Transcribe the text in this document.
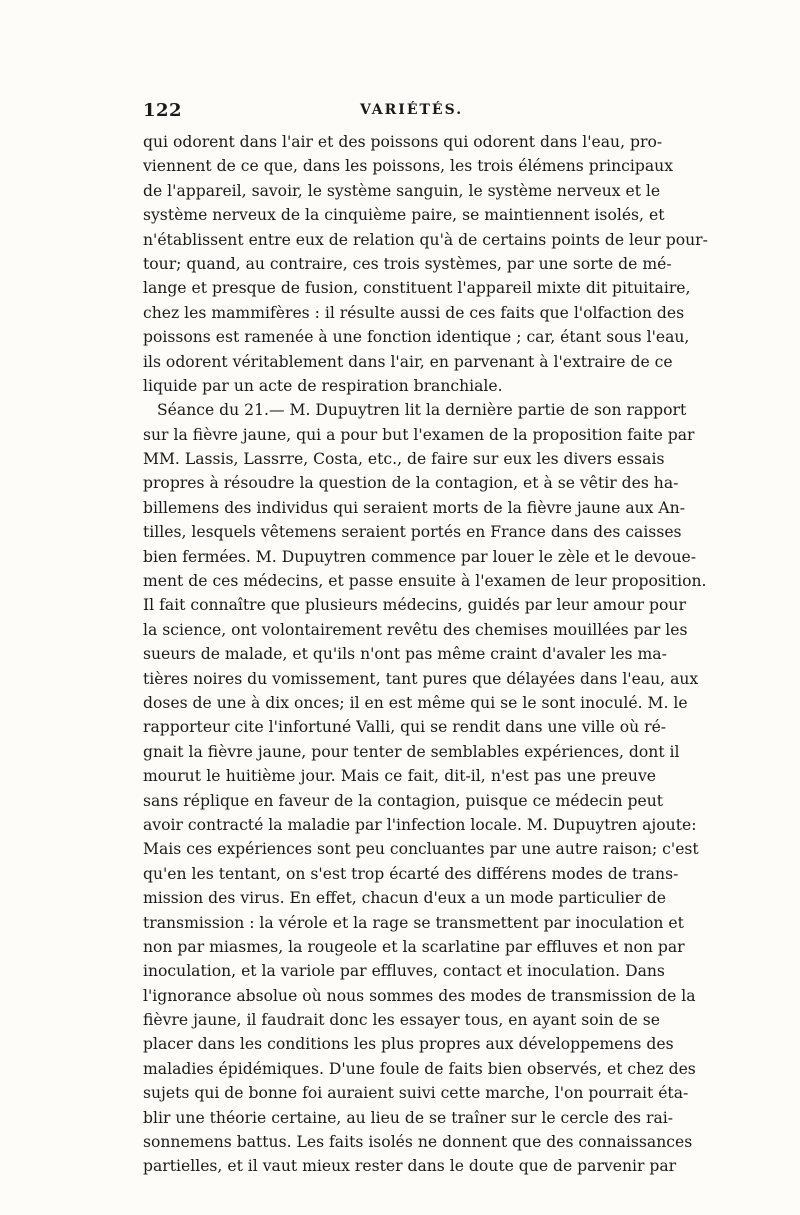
122	VARIÉTÉS.
qui odorent dans l'air et des poissons qui odorent dans l'eau, pro-
viennent de ce que, dans les poissons, les trois élémens principaux
de l'appareil, savoir, le système sanguin, le système nerveux et le
système nerveux de la cinquième paire, se maintiennent isolés, et
n'établissent entre eux de relation qu'à de certains points de leur pour-
tour; quand, au contraire, ces trois systèmes, par une sorte de mé-
lange et presque de fusion, constituent l'appareil mixte dit pituitaire,
chez les mammifères : il résulte aussi de ces faits que l'olfaction des
poissons est ramenée à une fonction identique ; car, étant sous l'eau,
ils odorent véritablement dans l'air, en parvenant à l'extraire de ce
liquide par un acte de respiration branchiale.
Séance du 21.— M. Dupuytren lit la dernière partie de son rapport
sur la fièvre jaune, qui a pour but l'examen de la proposition faite par
MM. Lassis, Lassrre, Costa, etc., de faire sur eux les divers essais
propres à résoudre la question de la contagion, et à se vêtir des ha-
billemens des individus qui seraient morts de la fièvre jaune aux An-
tilles, lesquels vêtemens seraient portés en France dans des caisses
bien fermées. M. Dupuytren commence par louer le zèle et le devoue-
ment de ces médecins, et passe ensuite à l'examen de leur proposition.
Il fait connaître que plusieurs médecins, guidés par leur amour pour
la science, ont volontairement revêtu des chemises mouillées par les
sueurs de malade, et qu'ils n'ont pas même craint d'avaler les ma-
tières noires du vomissement, tant pures que délayées dans l'eau, aux
doses de une à dix onces; il en est même qui se le sont inoculé. M. le
rapporteur cite l'infortuné Valli, qui se rendit dans une ville où ré-
gnait la fièvre jaune, pour tenter de semblables expériences, dont il
mourut le huitième jour. Mais ce fait, dit-il, n'est pas une preuve
sans réplique en faveur de la contagion, puisque ce médecin peut
avoir contracté la maladie par l'infection locale. M. Dupuytren ajoute:
Mais ces expériences sont peu concluantes par une autre raison; c'est
qu'en les tentant, on s'est trop écarté des différens modes de trans-
mission des virus. En effet, chacun d'eux a un mode particulier de
transmission : la vérole et la rage se transmettent par inoculation et
non par miasmes, la rougeole et la scarlatine par effluves et non par
inoculation, et la variole par effluves, contact et inoculation. Dans
l'ignorance absolue où nous sommes des modes de transmission de la
fièvre jaune, il faudrait donc les essayer tous, en ayant soin de se
placer dans les conditions les plus propres aux développemens des
maladies épidémiques. D'une foule de faits bien observés, et chez des
sujets qui de bonne foi auraient suivi cette marche, l'on pourrait éta-
blir une théorie certaine, au lieu de se traîner sur le cercle des rai-
sonnemens battus. Les faits isolés ne donnent que des connaissances
partielles, et il vaut mieux rester dans le doute que de parvenir par
